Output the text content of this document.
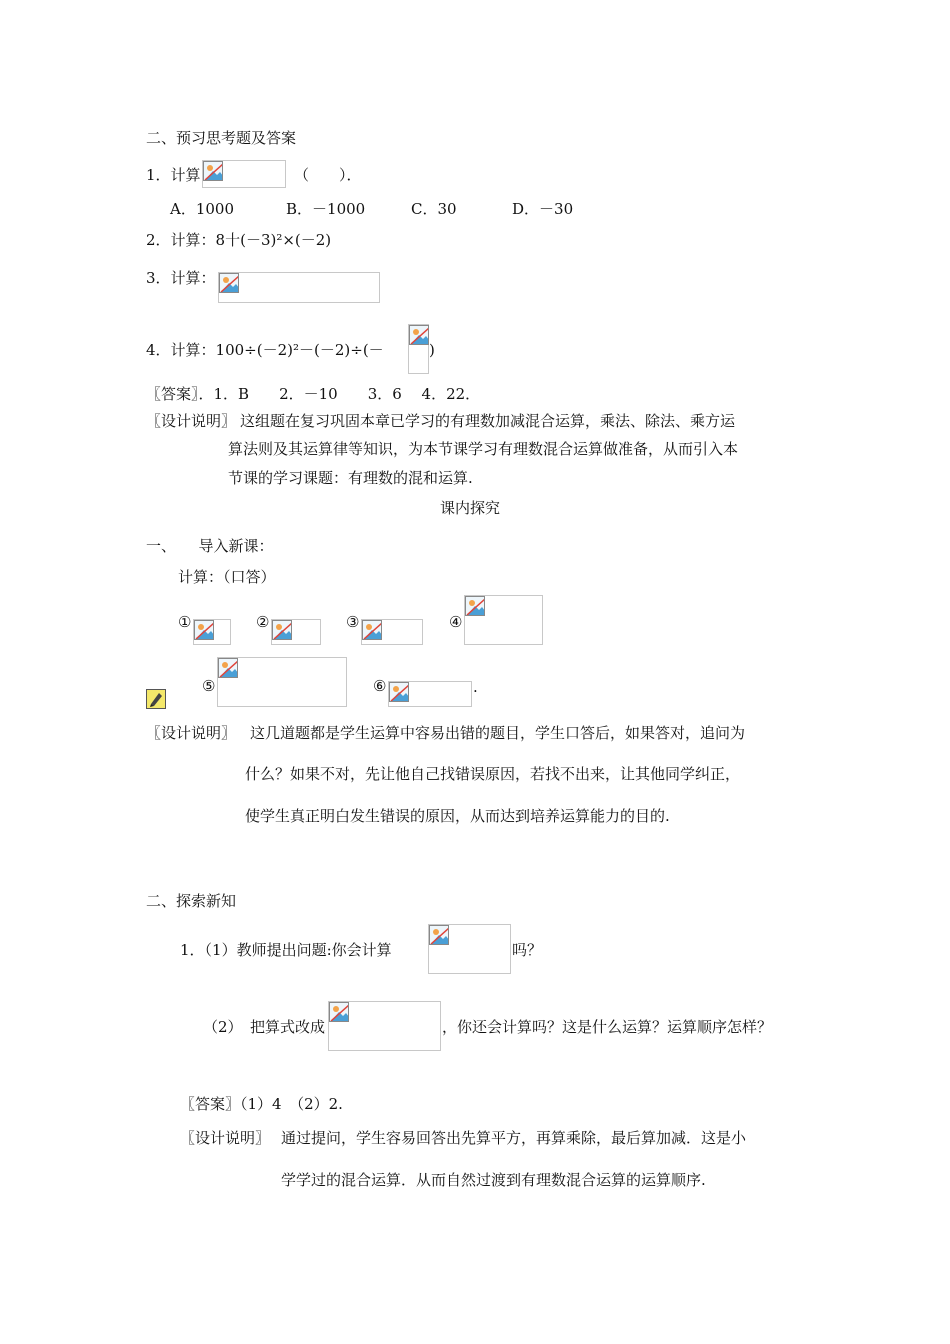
二、预习思考题及答案
1．计算	（　　）．
A．1000	B．－1000	C．30	D．－30
2．计算：8十(－3)²×(－2)
3．计算：
4．计算：100÷(－2)²－(－2)÷(－	)
〖答案〗．1．B　　2．－10　　3．6　 4．22．
〖设计说明〗 这组题在复习巩固本章已学习的有理数加减混合运算，乘法、除法、乘方运
算法则及其运算律等知识，为本节课学习有理数混合运算做准备，从而引入本
节课的学习课题：有理数的混和运算.
课内探究
一、　　导入新课：
计算：（口答）
①	②	③	④
⑤	⑥	.
〖设计说明〗 这几道题都是学生运算中容易出错的题目，学生口答后，如果答对，追问为
什么？如果不对，先让他自己找错误原因，若找不出来，让其他同学纠正，
使学生真正明白发生错误的原因，从而达到培养运算能力的目的.
二、探索新知
1．（1）教师提出问题:你会计算	吗？
（2）　把算式改成	，你还会计算吗？这是什么运算？运算顺序怎样？
〖答案〗（1）4　（2）2.
〖设计说明〗 通过提问，学生容易回答出先算平方，再算乘除，最后算加减．这是小
学学过的混合运算．从而自然过渡到有理数混合运算的运算顺序.
